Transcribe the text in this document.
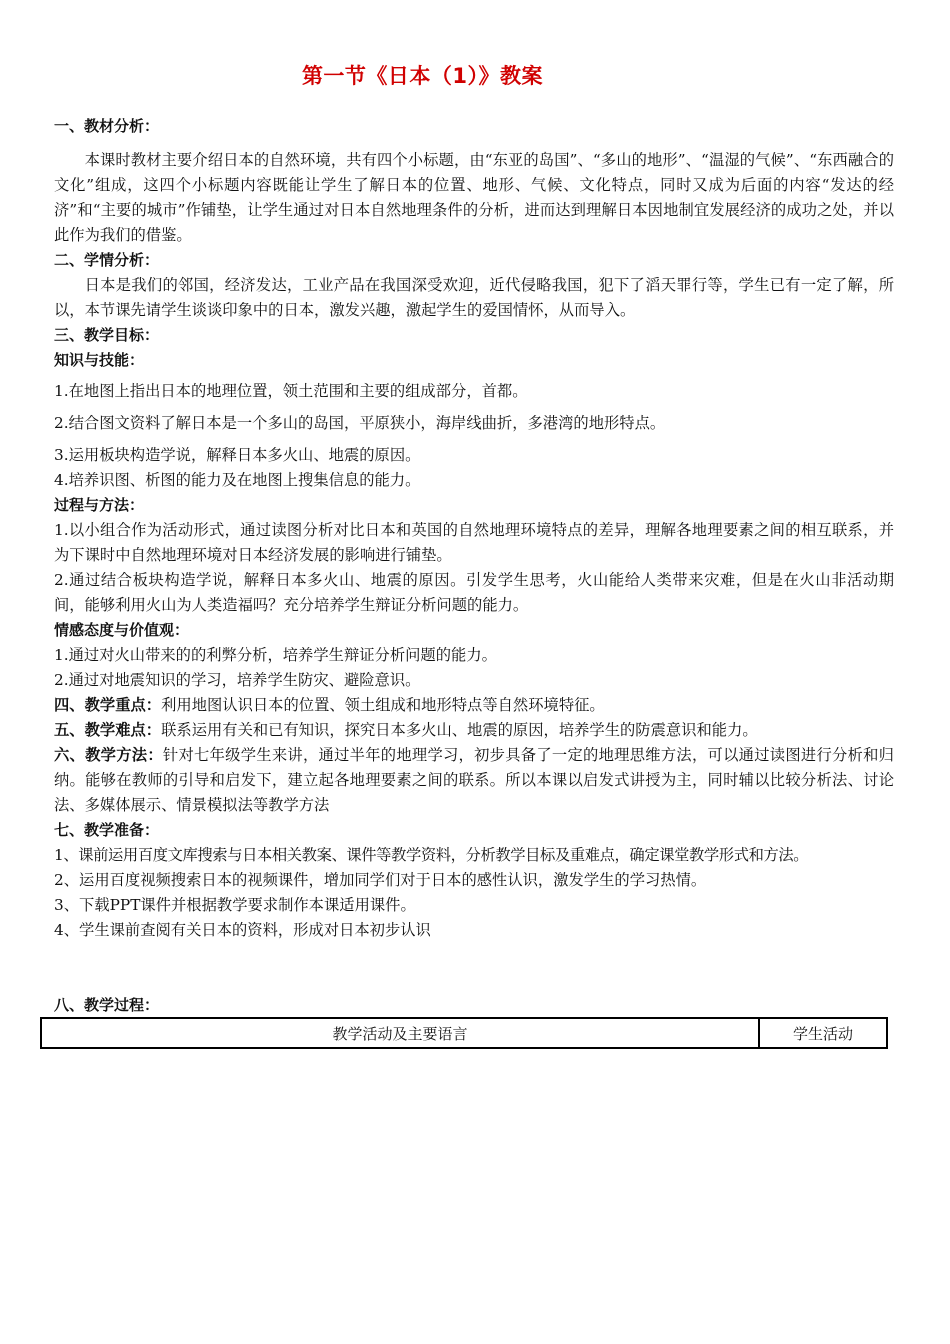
第一节《日本（1）》教案
一、教材分析：
本课时教材主要介绍日本的自然环境，共有四个小标题，由“东亚的岛国”、“多山的地形”、“温湿的气候”、“东西融合的文化”组成，这四个小标题内容既能让学生了解日本的位置、地形、气候、文化特点，同时又成为后面的内容“发达的经济”和“主要的城市”作铺垫，让学生通过对日本自然地理条件的分析，进而达到理解日本因地制宜发展经济的成功之处，并以此作为我们的借鉴。
二、学情分析：
日本是我们的邻国，经济发达，工业产品在我国深受欢迎，近代侵略我国，犯下了滔天罪行等，学生已有一定了解，所以，本节课先请学生谈谈印象中的日本，激发兴趣，激起学生的爱国情怀，从而导入。
三、教学目标：
知识与技能：
1.在地图上指出日本的地理位置，领土范围和主要的组成部分，首都。
2.结合图文资料了解日本是一个多山的岛国，平原狭小，海岸线曲折，多港湾的地形特点。
3.运用板块构造学说，解释日本多火山、地震的原因。
4.培养识图、析图的能力及在地图上搜集信息的能力。
过程与方法：
1.以小组合作为活动形式，通过读图分析对比日本和英国的自然地理环境特点的差异，理解各地理要素之间的相互联系，并为下课时中自然地理环境对日本经济发展的影响进行铺垫。
2.通过结合板块构造学说，解释日本多火山、地震的原因。引发学生思考，火山能给人类带来灾难，但是在火山非活动期间，能够利用火山为人类造福吗？充分培养学生辩证分析问题的能力。
情感态度与价值观：
1.通过对火山带来的的利弊分析，培养学生辩证分析问题的能力。
2.通过对地震知识的学习，培养学生防灾、避险意识。
四、教学重点：利用地图认识日本的位置、领土组成和地形特点等自然环境特征。
五、教学难点：联系运用有关和已有知识，探究日本多火山、地震的原因，培养学生的防震意识和能力。
六、教学方法：针对七年级学生来讲，通过半年的地理学习，初步具备了一定的地理思维方法，可以通过读图进行分析和归纳。能够在教师的引导和启发下，建立起各地理要素之间的联系。所以本课以启发式讲授为主，同时辅以比较分析法、讨论法、多媒体展示、情景模拟法等教学方法
七、教学准备：
1、课前运用百度文库搜索与日本相关教案、课件等教学资料，分析教学目标及重难点，确定课堂教学形式和方法。
2、运用百度视频搜索日本的视频课件，增加同学们对于日本的感性认识，激发学生的学习热情。
3、下载PPT课件并根据教学要求制作本课适用课件。
4、学生课前查阅有关日本的资料，形成对日本初步认识
八、教学过程：
教学活动及主要语言	学生活动
